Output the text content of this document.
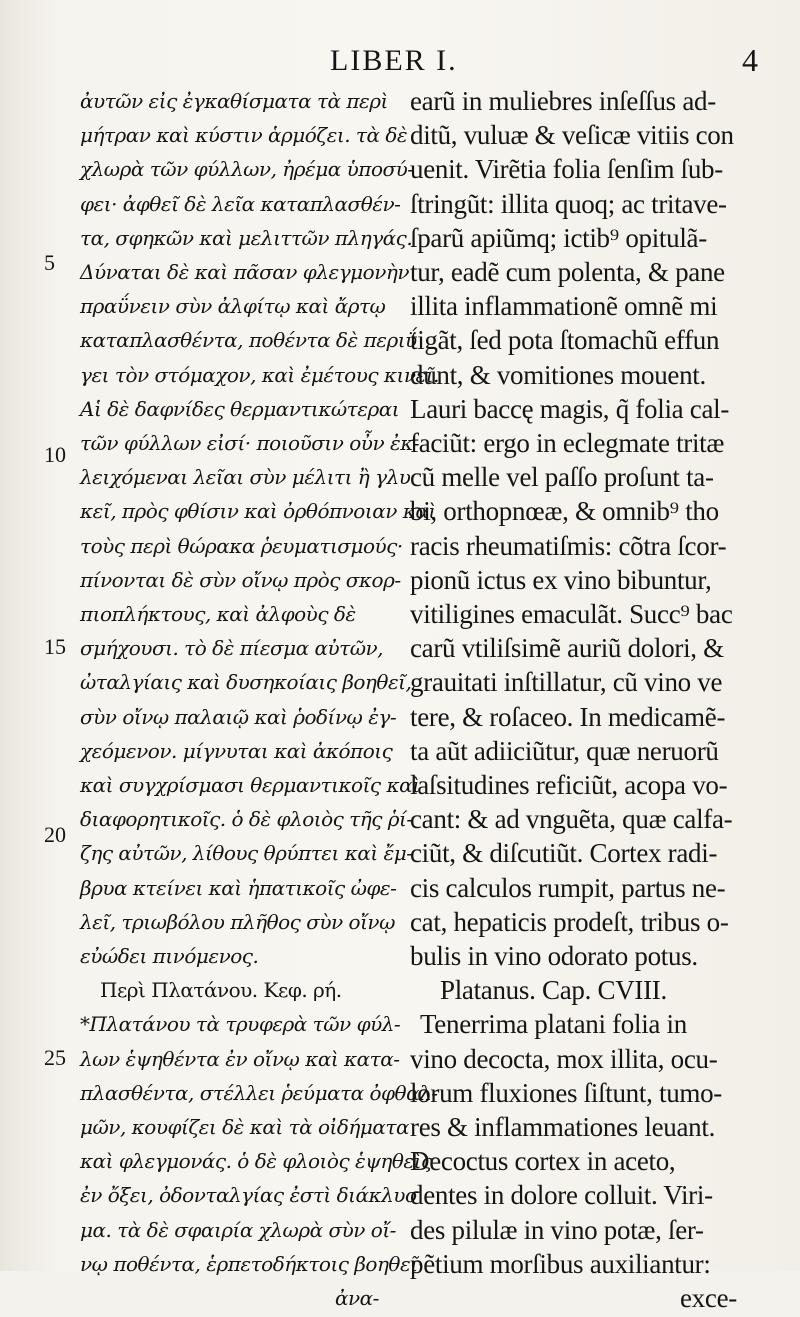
LIBER I.	4
5
10
15
20
25
ἀυτῶν εἰς ἐγκαθίσματα τὰ περὶ
μήτραν καὶ κύστιν ἁρμόζει. τὰ δὲ
χλωρὰ τῶν φύλλων, ἠρέμα ὑποσύ-
φει· ἀφθεῖ δὲ λεῖα καταπλασθέν-
τα, σφηκῶν καὶ μελιττῶν πληγάς.
Δύναται δὲ καὶ πᾶσαν φλεγμονὴν
πραΰνειν σὺν ἀλφίτῳ καὶ ἄρτῳ
καταπλασθέντα, ποθέντα δὲ περιΰ
γει τὸν στόμαχον, καὶ ἐμέτους κινεῖ.
Αἱ δὲ δαφνίδες θερμαντικώτεραι
τῶν φύλλων εἰσί· ποιοῦσιν οὖν ἐκ-
λειχόμεναι λεῖαι σὺν μέλιτι ἢ γλυ
κεῖ, πρὸς φθίσιν καὶ ὀρθόπνοιαν καὶ
τοὺς περὶ θώρακα ῥευματισμούς·
πίνονται δὲ σὺν οἴνῳ πρὸς σκορ-
πιοπλήκτους, καὶ ἀλφοὺς δὲ
σμήχουσι. τὸ δὲ πίεσμα αὐτῶν,
ὠταλγίαις καὶ δυσηκοίαις βοηθεῖ,
σὺν οἴνῳ παλαιῷ καὶ ῥοδίνῳ ἐγ-
χεόμενον. μίγνυται καὶ ἀκόποις
καὶ συγχρίσμασι θερμαντικοῖς καὶ
διαφορητικοῖς. ὁ δὲ φλοιὸς τῆς ῥί-
ζης αὐτῶν, λίθους θρύπτει καὶ ἔμ-
βρυα κτείνει καὶ ἡπατικοῖς ὠφε-
λεῖ, τριωβόλου πλῆθος σὺν οἴνῳ
εὐώδει πινόμενος.
Περὶ Πλατάνου. Κεφ. ρή.
*Πλατάνου τὰ τρυφερὰ τῶν φύλ-
λων ἑψηθέντα ἐν οἴνῳ καὶ κατα-
πλασθέντα, στέλλει ῥεύματα ὀφθαλ-
μῶν, κουφίζει δὲ καὶ τὰ οἰδήματα
καὶ φλεγμονάς. ὁ δὲ φλοιὸς ἑψηθεὶς
ἐν ὄξει, ὀδονταλγίας ἐστὶ διάκλυσ
μα. τὰ δὲ σφαιρία χλωρὰ σὺν οἴ-
νῳ ποθέντα, ἑρπετοδήκτοις βοηθεῖ·
ἀνα-
earũ in muliebres inſeſſus ad-
ditũ, vuluæ & veſicæ vitiis con
uenit. Virẽtia folia ſenſim ſub-
ſtringũt: illita quoq; ac tritave-
ſparũ apiũmq; ictib⁹ opitulã-
tur, eadẽ cum polenta, & pane
illita inflammationẽ omnẽ mi
tigãt, ſed pota ſtomachũ effun
dunt, & vomitiones mouent.
Lauri baccę magis, q̃ folia cal-
faciũt: ergo in eclegmate tritæ
cũ melle vel paſſo proſunt ta-
bi, orthopnœæ, & omnib⁹ tho
racis rheumatiſmis: cõtra ſcor-
pionũ ictus ex vino bibuntur,
vitiligines emaculãt. Succ⁹ bac
carũ vtiliſsimẽ auriũ dolori, &
grauitati inſtillatur, cũ vino ve
tere, & roſaceo. In medicamẽ-
ta aũt adiiciũtur, quæ neruorũ
laſsitudines reficiũt, acopa vo-
cant: & ad vnguẽta, quæ calfa-
ciũt, & diſcutiũt. Cortex radi-
cis calculos rumpit, partus ne-
cat, hepaticis prodeſt, tribus o-
bulis in vino odorato potus.
Platanus. Cap. CVIII.
Tenerrima platani folia in
vino decocta, mox illita, ocu-
lorum fluxiones ſiſtunt, tumo-
res & inflammationes leuant.
Decoctus cortex in aceto,
dentes in dolore colluit. Viri-
des pilulæ in vino potæ, ſer-
pẽtium morſibus auxiliantur:
exce-
